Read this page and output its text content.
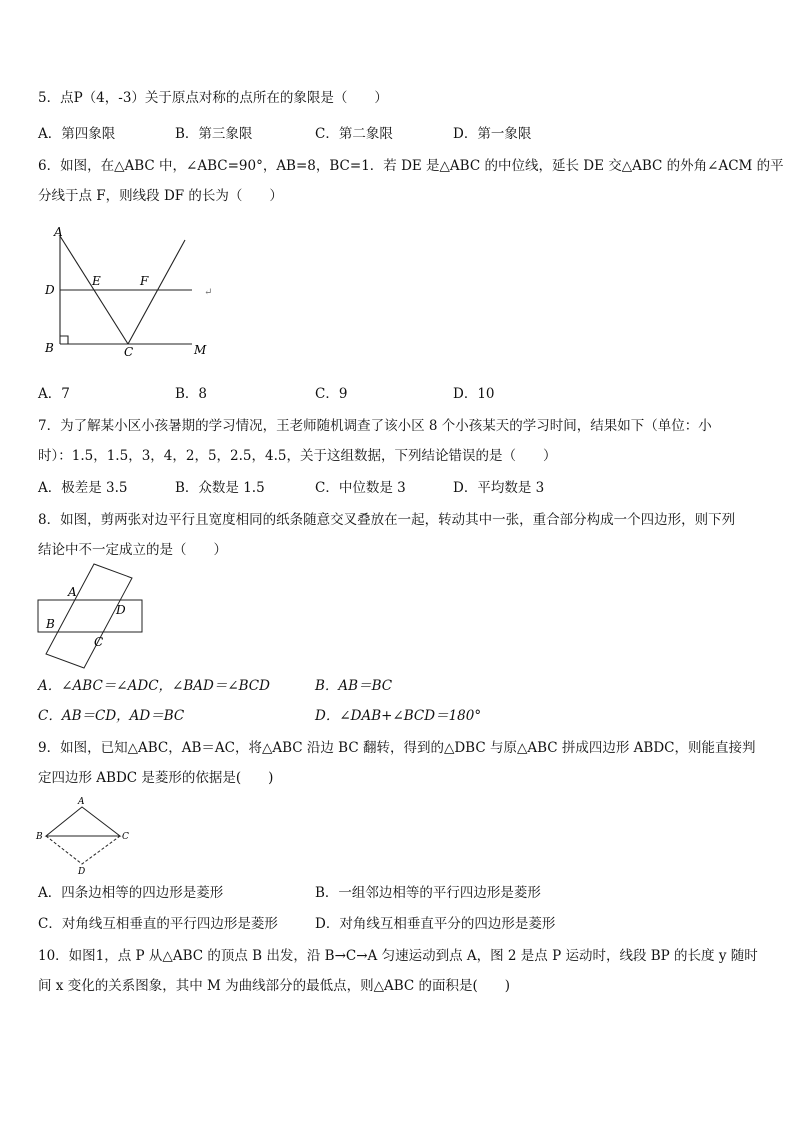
5．点P（4，-3）关于原点对称的点所在的象限是（　　）
A．第四象限	B．第三象限	C．第二象限	D．第一象限
6．如图，在△ABC 中，∠ABC=90°，AB=8，BC=1．若 DE 是△ABC 的中位线，延长 DE 交△ABC 的外角∠ACM 的平
分线于点 F，则线段 DF 的长为（　　）
A
D
E	F
B	C	M
↵
A．7	B．8	C．9	D．10
7．为了解某小区小孩暑期的学习情况，王老师随机调查了该小区 8 个小孩某天的学习时间，结果如下（单位：小
时）：1.5，1.5，3，4，2，5，2.5，4.5，关于这组数据，下列结论错误的是（　　）
A．极差是 3.5	B．众数是 1.5	C．中位数是 3	D．平均数是 3
8．如图，剪两张对边平行且宽度相同的纸条随意交叉叠放在一起，转动其中一张，重合部分构成一个四边形，则下列
结论中不一定成立的是（　　）
A
D
B
C
A．∠ABC＝∠ADC，∠BAD＝∠BCD	B．AB＝BC
C．AB＝CD，AD＝BC	D．∠DAB+∠BCD＝180°
9．如图，已知△ABC，AB＝AC，将△ABC 沿边 BC 翻转，得到的△DBC 与原△ABC 拼成四边形 ABDC，则能直接判
定四边形 ABDC 是菱形的依据是(　　)
A
B	C
D
A．四条边相等的四边形是菱形	B．一组邻边相等的平行四边形是菱形
C．对角线互相垂直的平行四边形是菱形	D．对角线互相垂直平分的四边形是菱形
10．如图1，点 P 从△ABC 的顶点 B 出发，沿 B→C→A 匀速运动到点 A，图 2 是点 P 运动时，线段 BP 的长度 y 随时
间 x 变化的关系图象，其中 M 为曲线部分的最低点，则△ABC 的面积是(　　)
